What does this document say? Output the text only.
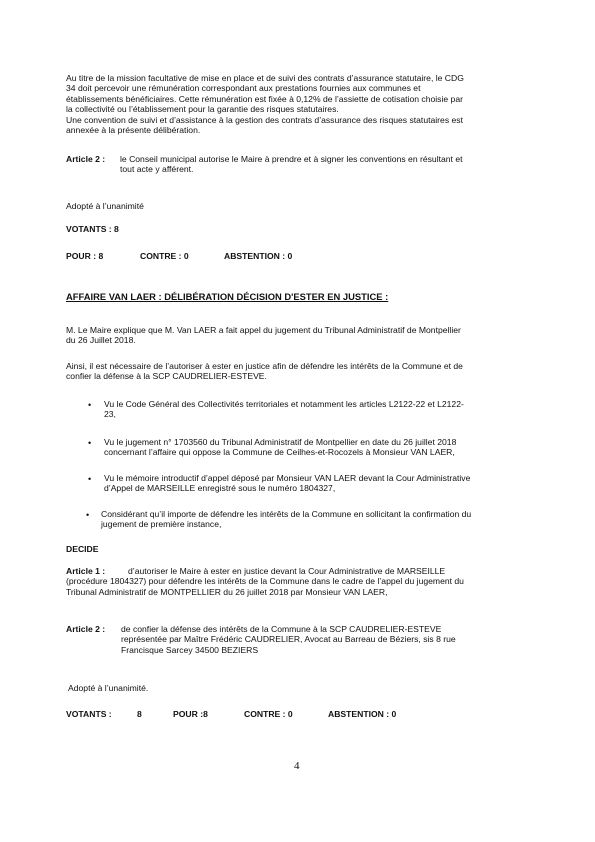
Au titre de la mission facultative de mise en place et de suivi des contrats d’assurance statutaire, le CDG
34 doit percevoir une rémunération correspondant aux prestations fournies aux communes et
établissements bénéficiaires. Cette rémunération est fixée à 0,12% de l’assiette de cotisation choisie par
la collectivité ou l’établissement pour la garantie des risques statutaires.
Une convention de suivi et d’assistance à la gestion des contrats d’assurance des risques statutaires est
annexée à la présente délibération.
Article 2 : le Conseil municipal autorise le Maire à prendre et à signer les conventions en résultant et
tout acte y afférent.
Adopté à l’unanimité
VOTANTS : 8
POUR : 8	CONTRE : 0	ABSTENTION : 0
AFFAIRE VAN LAER : DÉLIBÉRATION DÉCISION D'ESTER EN JUSTICE :
M. Le Maire explique que M. Van LAER a fait appel du jugement du Tribunal Administratif de Montpellier
du 26 Juillet 2018.
Ainsi, il est nécessaire de l’autoriser à ester en justice afin de défendre les intérêts de la Commune et de
confier la défense à la SCP CAUDRELIER-ESTEVE.
• Vu le Code Général des Collectivités territoriales et notamment les articles L2122-22 et L2122-
23,
• Vu le jugement n° 1703560 du Tribunal Administratif de Montpellier en date du 26 juillet 2018
concernant l’affaire qui oppose la Commune de Ceilhes-et-Rocozels à Monsieur VAN LAER,
• Vu le mémoire introductif d’appel déposé par Monsieur VAN LAER devant la Cour Administrative
d’Appel de MARSEILLE enregistré sous le numéro 1804327,
• Considérant qu’il importe de défendre les intérêts de la Commune en sollicitant la confirmation du
jugement de première instance,
DECIDE
Article 1 :	d’autoriser le Maire à ester en justice devant la Cour Administrative de MARSEILLE
(procédure 1804327) pour défendre les intérêts de la Commune dans le cadre de l’appel du jugement du
Tribunal Administratif de MONTPELLIER du 26 juillet 2018 par Monsieur VAN LAER,
Article 2 : de confier la défense des intérêts de la Commune à la SCP CAUDRELIER-ESTEVE
représentée par Maître Frédéric CAUDRELIER, Avocat au Barreau de Béziers, sis 8 rue
Francisque Sarcey 34500 BEZIERS
Adopté à l’unanimité.
VOTANTS :	8	POUR :8	CONTRE : 0	ABSTENTION : 0
4
